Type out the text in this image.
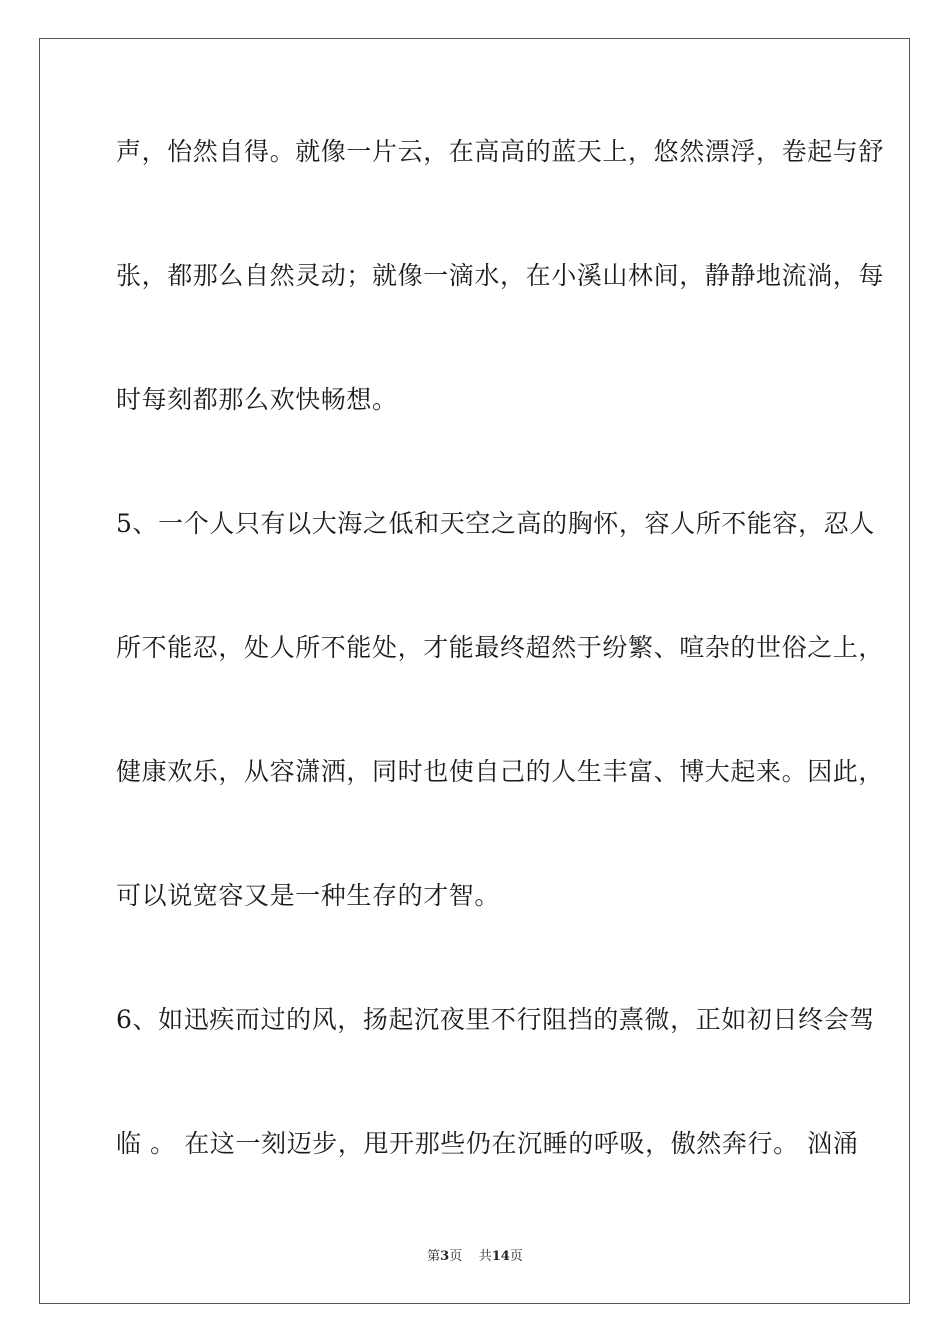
声，怡然自得。就像一片云，在高高的蓝天上，悠然漂浮，卷起与舒
张，都那么自然灵动；就像一滴水，在小溪山林间，静静地流淌，每
时每刻都那么欢快畅想。
5、一个人只有以大海之低和天空之高的胸怀，容人所不能容，忍人
所不能忍，处人所不能处，才能最终超然于纷繁、喧杂的世俗之上，
健康欢乐，从容潇洒，同时也使自己的人生丰富、博大起来。因此，
可以说宽容又是一种生存的才智。
6、如迅疾而过的风，扬起沉夜里不行阻挡的熹微，正如初日终会驾
临 。 在这一刻迈步，甩开那些仍在沉睡的呼吸，傲然奔行。 汹涌
第3页 共14页
